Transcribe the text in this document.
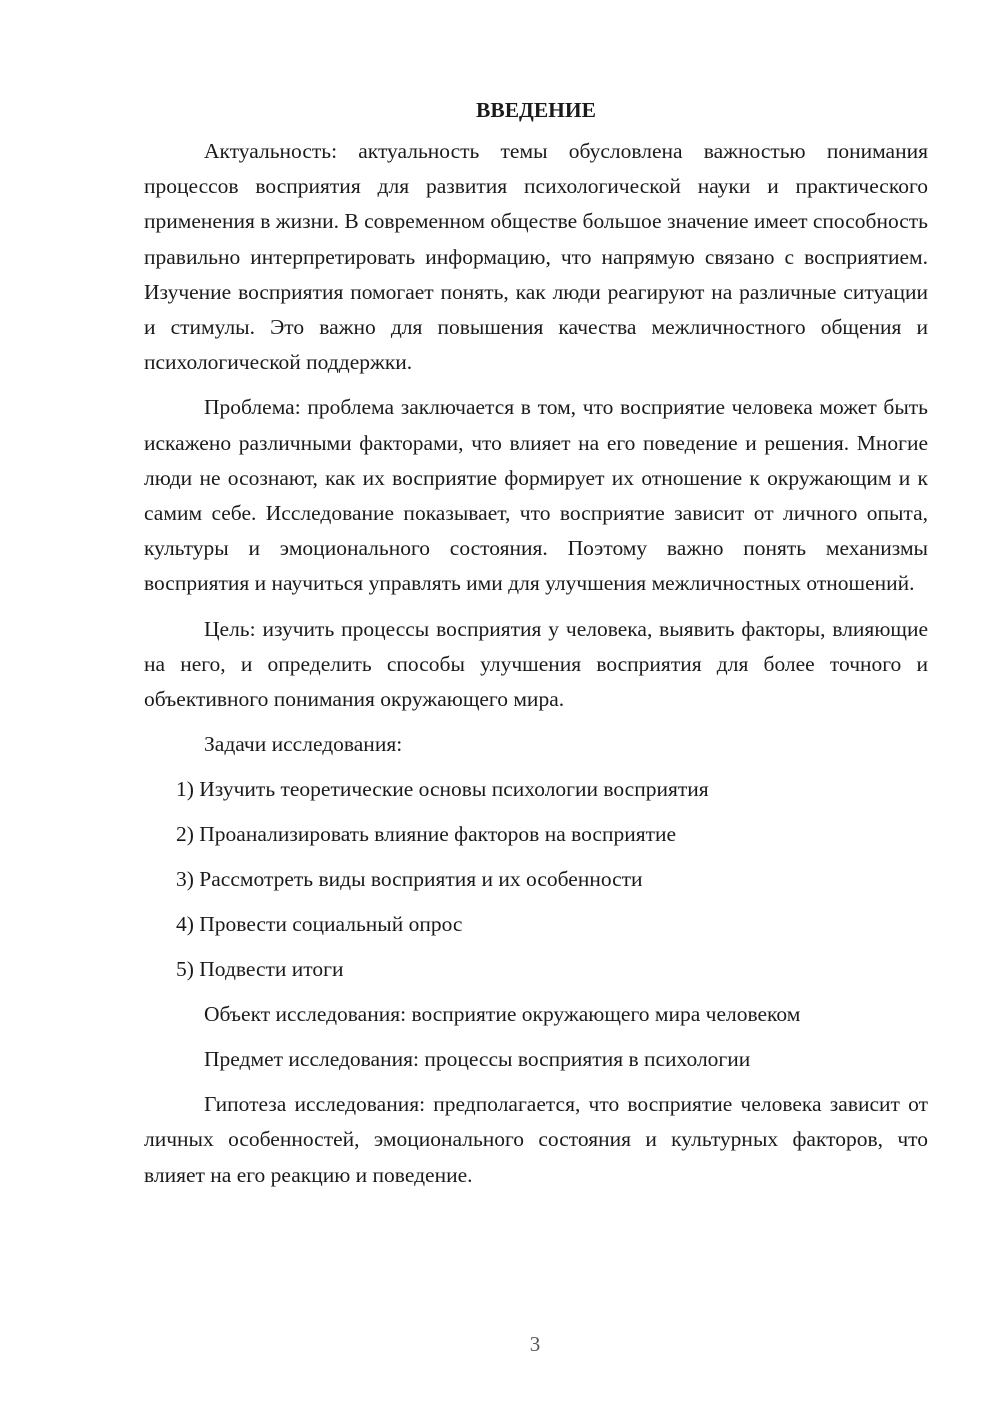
ВВЕДЕНИЕ

Актуальность: актуальность темы обусловлена важностью понимания процессов восприятия для развития психологической науки и практического применения в жизни. В современном обществе большое значение имеет способность правильно интерпретировать информацию, что напрямую связано с восприятием. Изучение восприятия помогает понять, как люди реагируют на различные ситуации и стимулы. Это важно для повышения качества межличностного общения и психологической поддержки.

Проблема: проблема заключается в том, что восприятие человека может быть искажено различными факторами, что влияет на его поведение и решения. Многие люди не осознают, как их восприятие формирует их отношение к окружающим и к самим себе. Исследование показывает, что восприятие зависит от личного опыта, культуры и эмоционального состояния. Поэтому важно понять механизмы восприятия и научиться управлять ими для улучшения межличностных отношений.

Цель: изучить процессы восприятия у человека, выявить факторы, влияющие на него, и определить способы улучшения восприятия для более точного и объективного понимания окружающего мира.

Задачи исследования:

1) Изучить теоретические основы психологии восприятия
2) Проанализировать влияние факторов на восприятие
3) Рассмотреть виды восприятия и их особенности
4) Провести социальный опрос
5) Подвести итоги

Объект исследования: восприятие окружающего мира человеком

Предмет исследования: процессы восприятия в психологии

Гипотеза исследования: предполагается, что восприятие человека зависит от личных особенностей, эмоционального состояния и культурных факторов, что влияет на его реакцию и поведение.

3
